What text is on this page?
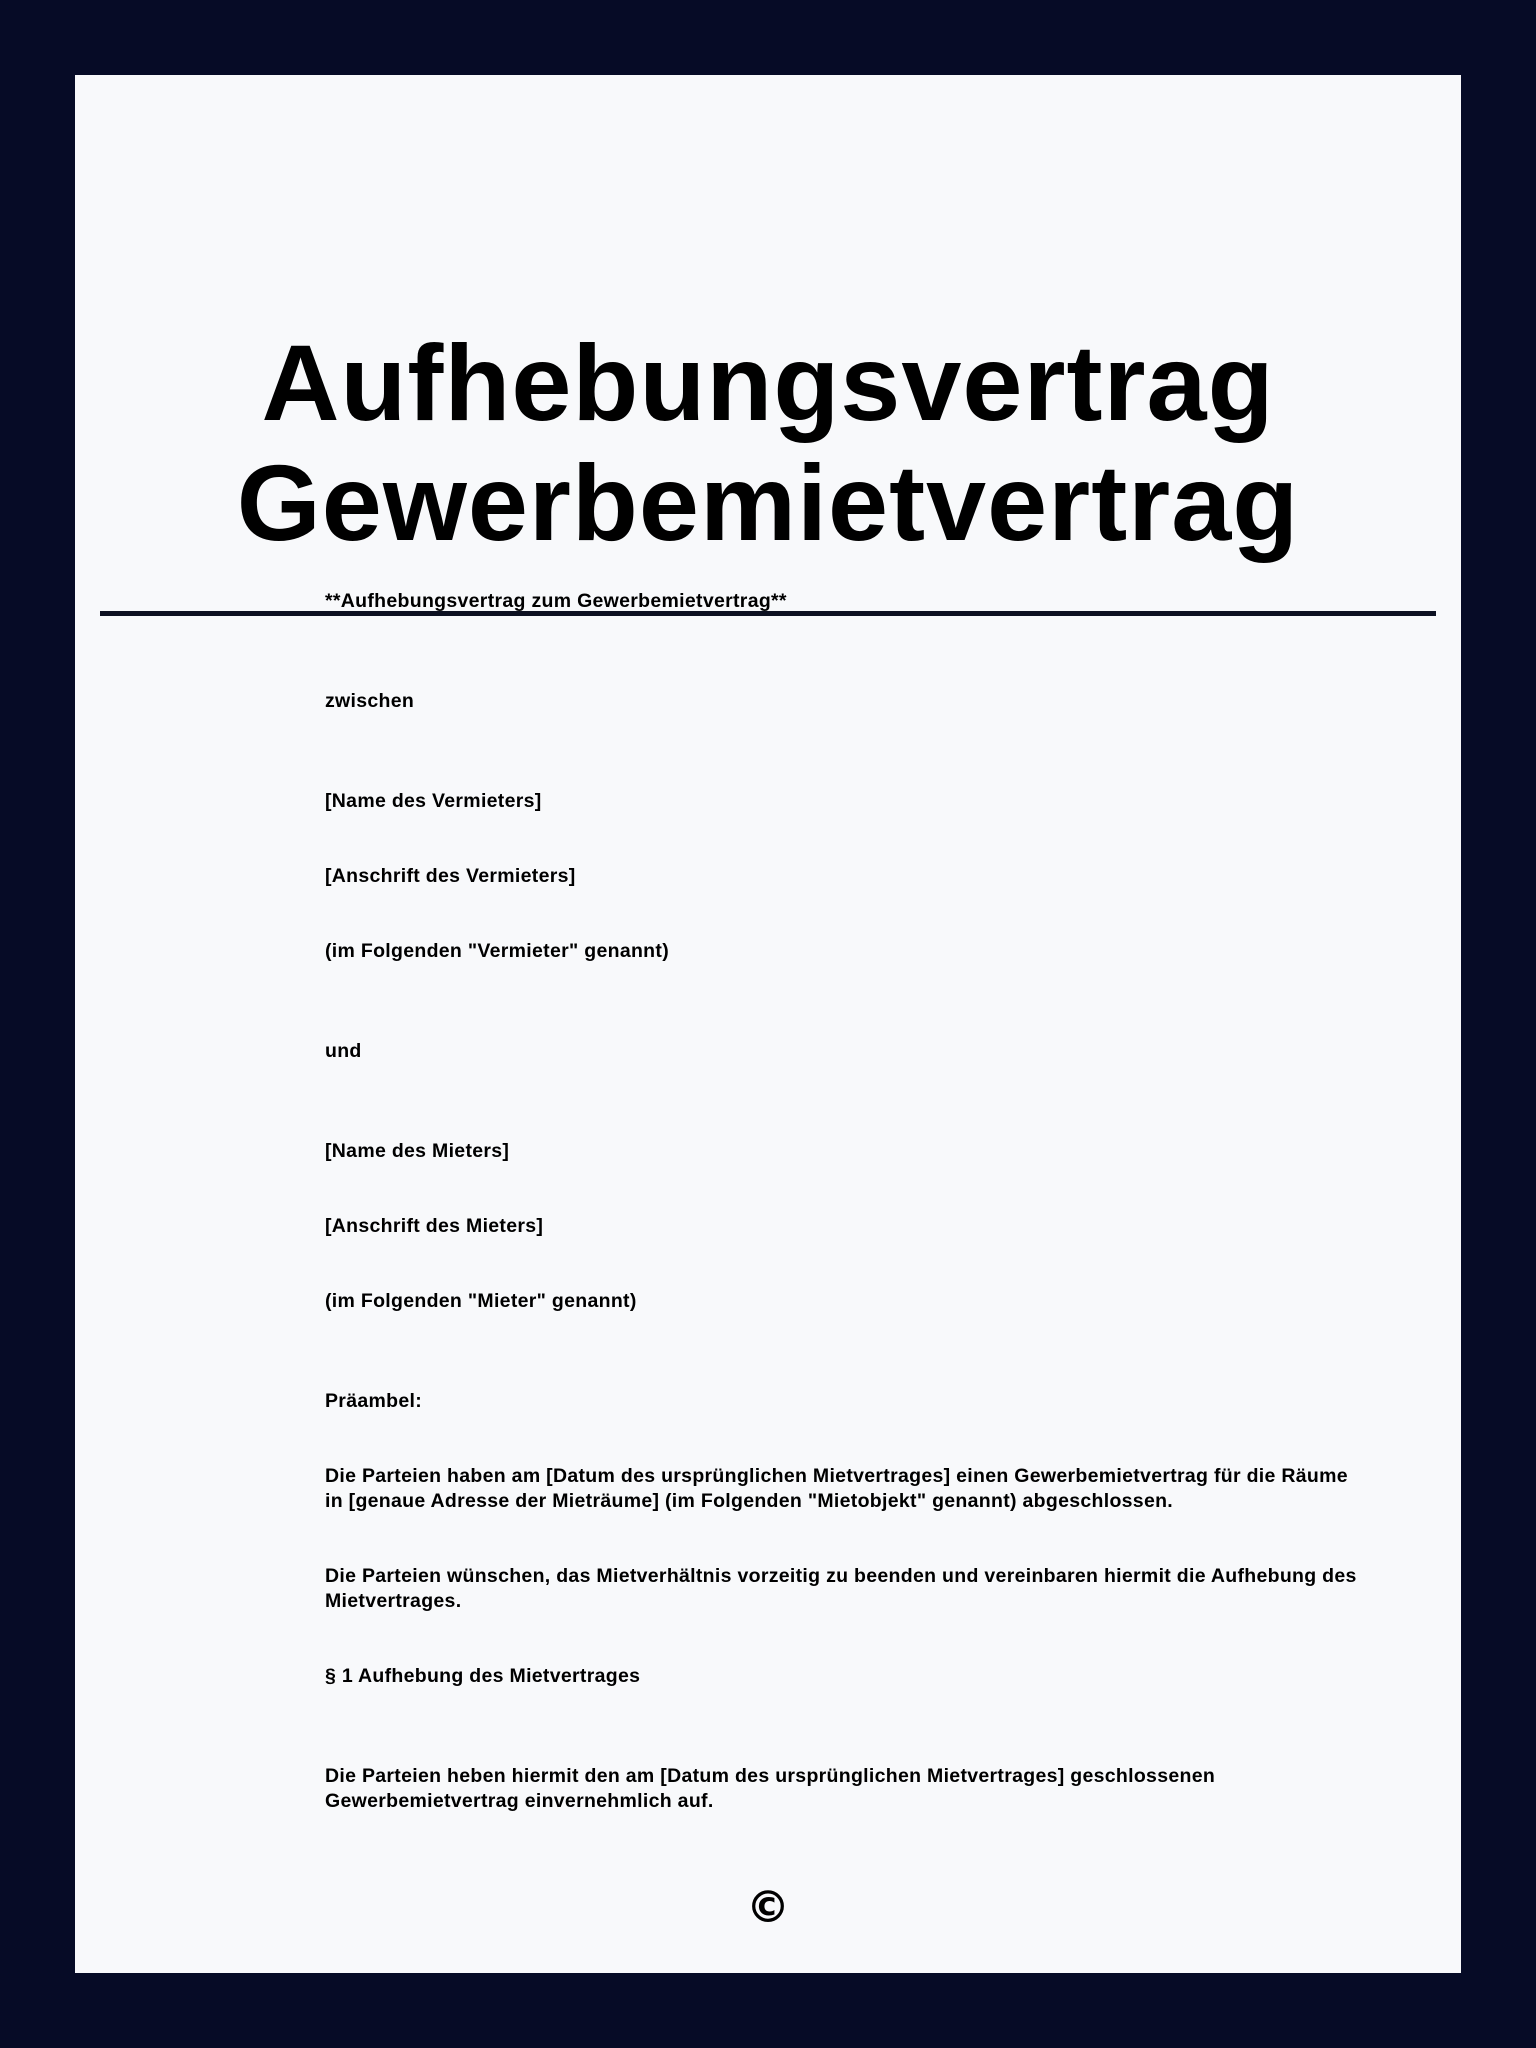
Aufhebungsvertrag
Gewerbemietvertrag

**Aufhebungsvertrag zum Gewerbemietvertrag**

zwischen

[Name des Vermieters]

[Anschrift des Vermieters]

(im Folgenden "Vermieter" genannt)

und

[Name des Mieters]

[Anschrift des Mieters]

(im Folgenden "Mieter" genannt)

Präambel:

Die Parteien haben am [Datum des ursprünglichen Mietvertrages] einen Gewerbemietvertrag für die Räume in [genaue Adresse der Mieträume] (im Folgenden "Mietobjekt" genannt) abgeschlossen.

Die Parteien wünschen, das Mietverhältnis vorzeitig zu beenden und vereinbaren hiermit die Aufhebung des Mietvertrages.

§ 1 Aufhebung des Mietvertrages

Die Parteien heben hiermit den am [Datum des ursprünglichen Mietvertrages] geschlossenen Gewerbemietvertrag einvernehmlich auf.

©
